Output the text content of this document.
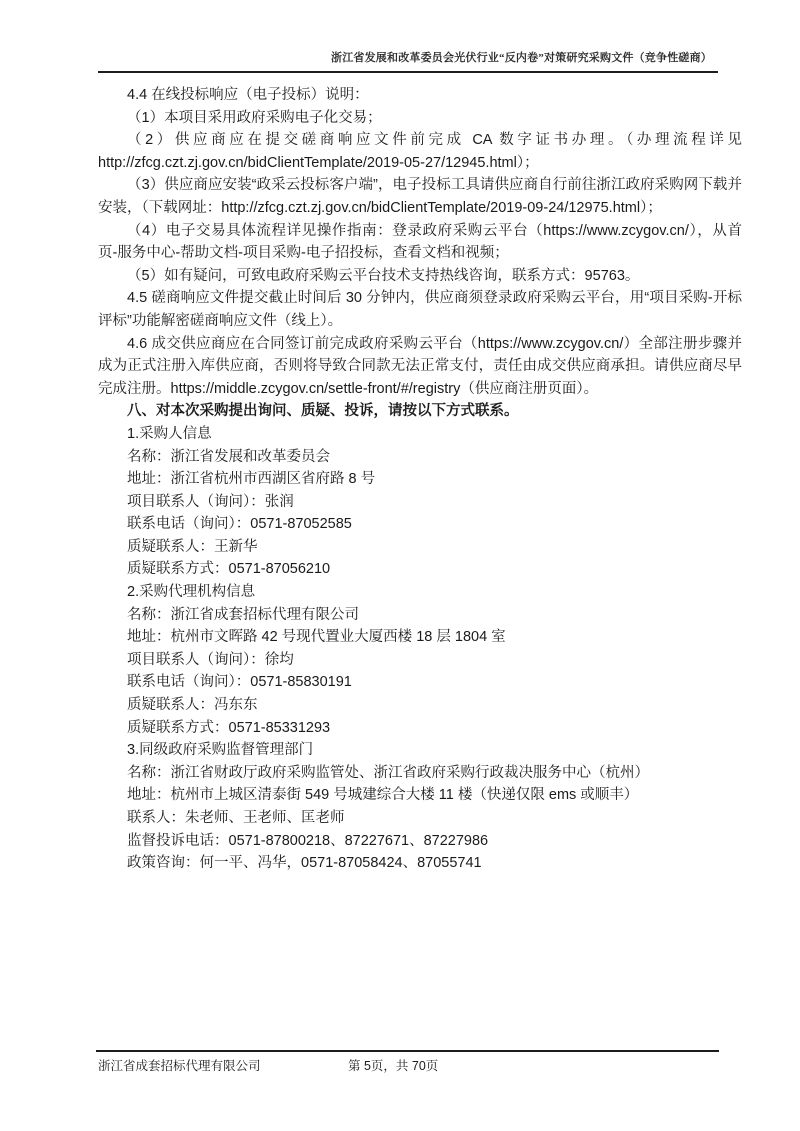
浙江省发展和改革委员会光伏行业“反内卷”对策研究采购文件（竞争性磋商）

4.4 在线投标响应（电子投标）说明：

（1）本项目采用政府采购电子化交易；

（2）供应商应在提交磋商响应文件前完成 CA 数字证书办理。（办理流程详见 http://zfcg.czt.zj.gov.cn/bidClientTemplate/2019-05-27/12945.html）；

（3）供应商应安装“政采云投标客户端”，电子投标工具请供应商自行前往浙江政府采购网下载并安装，（下载网址：http://zfcg.czt.zj.gov.cn/bidClientTemplate/2019-09-24/12975.html）；

（4）电子交易具体流程详见操作指南：登录政府采购云平台（https://www.zcygov.cn/），从首页-服务中心-帮助文档-项目采购-电子招投标，查看文档和视频；

（5）如有疑问，可致电政府采购云平台技术支持热线咨询，联系方式：95763。

4.5 磋商响应文件提交截止时间后 30 分钟内，供应商须登录政府采购云平台，用“项目采购-开标评标”功能解密磋商响应文件（线上）。

4.6 成交供应商应在合同签订前完成政府采购云平台（https://www.zcygov.cn/）全部注册步骤并成为正式注册入库供应商，否则将导致合同款无法正常支付，责任由成交供应商承担。请供应商尽早完成注册。https://middle.zcygov.cn/settle-front/#/registry（供应商注册页面）。

八、对本次采购提出询问、质疑、投诉，请按以下方式联系。

1.采购人信息

名称：浙江省发展和改革委员会

地址：浙江省杭州市西湖区省府路 8 号

项目联系人（询问）：张润

联系电话（询问）：0571-87052585

质疑联系人：王新华

质疑联系方式：0571-87056210

2.采购代理机构信息

名称：浙江省成套招标代理有限公司

地址：杭州市文晖路 42 号现代置业大厦西楼 18 层 1804 室

项目联系人（询问）：徐均

联系电话（询问）：0571-85830191

质疑联系人：冯东东

质疑联系方式：0571-85331293

3.同级政府采购监督管理部门

名称：浙江省财政厅政府采购监管处、浙江省政府采购行政裁决服务中心（杭州）

地址：杭州市上城区清泰街 549 号城建综合大楼 11 楼（快递仅限 ems 或顺丰）

联系人：朱老师、王老师、匡老师

监督投诉电话：0571-87800218、87227671、87227986

政策咨询：何一平、冯华，0571-87058424、87055741

浙江省成套招标代理有限公司	第 5页，共 70页
